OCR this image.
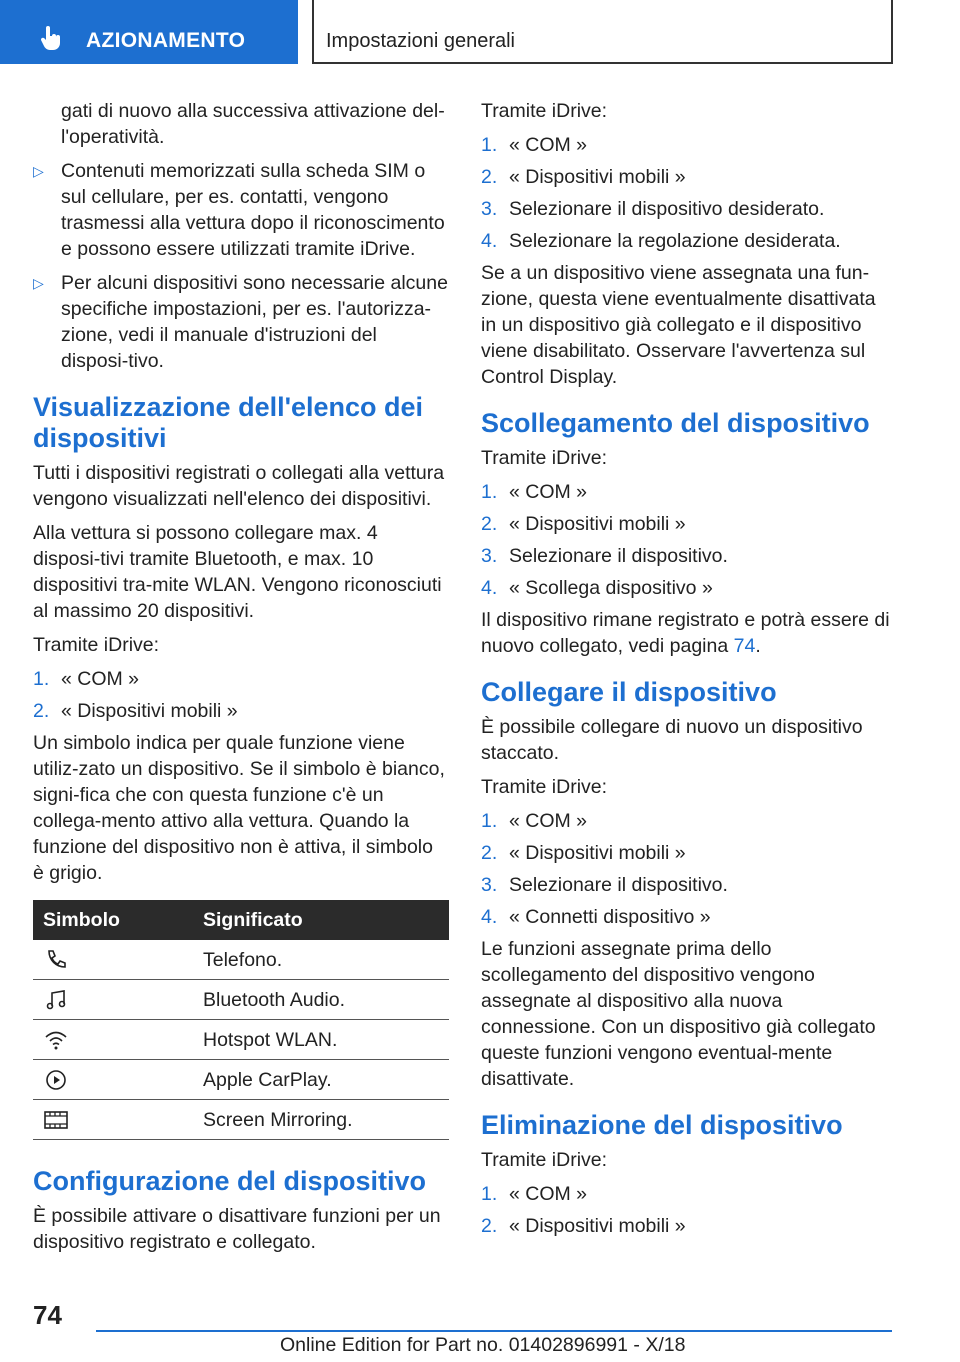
AZIONAMENTO	Impostazioni generali

gati di nuovo alla successiva attivazione del-l'operatività.

▷ Contenuti memorizzati sulla scheda SIM o sul cellulare, per es. contatti, vengono trasmessi alla vettura dopo il riconoscimento e possono essere utilizzati tramite iDrive.
▷ Per alcuni dispositivi sono necessarie alcune specifiche impostazioni, per es. l'autorizza-zione, vedi il manuale d'istruzioni del disposi-tivo.
Visualizzazione dell'elenco dei dispositivi

Tutti i dispositivi registrati o collegati alla vettura vengono visualizzati nell'elenco dei dispositivi.

Alla vettura si possono collegare max. 4 disposi-tivi tramite Bluetooth, e max. 10 dispositivi tra-mite WLAN. Vengono riconosciuti al massimo 20 dispositivi.

Tramite iDrive:

1. « COM »
2. « Dispositivi mobili »

Un simbolo indica per quale funzione viene utiliz-zato un dispositivo. Se il simbolo è bianco, signi-fica che con questa funzione c'è un collega-mento attivo alla vettura. Quando la funzione del dispositivo non è attiva, il simbolo è grigio.

Simbolo	Significato
	Telefono.
	Bluetooth Audio.
	Hotspot WLAN.
	Apple CarPlay.
	Screen Mirroring.
Configurazione del dispositivo

È possibile attivare o disattivare funzioni per un dispositivo registrato e collegato.

Tramite iDrive:

1. « COM »
2. « Dispositivi mobili »
3. Selezionare il dispositivo desiderato.
4. Selezionare la regolazione desiderata.

Se a un dispositivo viene assegnata una fun-zione, questa viene eventualmente disattivata in un dispositivo già collegato e il dispositivo viene disabilitato. Osservare l'avvertenza sul Control Display.

Scollegamento del dispositivo

Tramite iDrive:

1. « COM »
2. « Dispositivi mobili »
3. Selezionare il dispositivo.
4. « Scollega dispositivo »

Il dispositivo rimane registrato e potrà essere di nuovo collegato, vedi pagina 74.

Collegare il dispositivo

È possibile collegare di nuovo un dispositivo staccato.

Tramite iDrive:

1. « COM »
2. « Dispositivi mobili »
3. Selezionare il dispositivo.
4. « Connetti dispositivo »

Le funzioni assegnate prima dello scollegamento del dispositivo vengono assegnate al dispositivo alla nuova connessione. Con un dispositivo già collegato queste funzioni vengono eventual-mente disattivate.

Eliminazione del dispositivo

Tramite iDrive:

1. « COM »
2. « Dispositivi mobili »
74
Online Edition for Part no. 01402896991 - X/18
